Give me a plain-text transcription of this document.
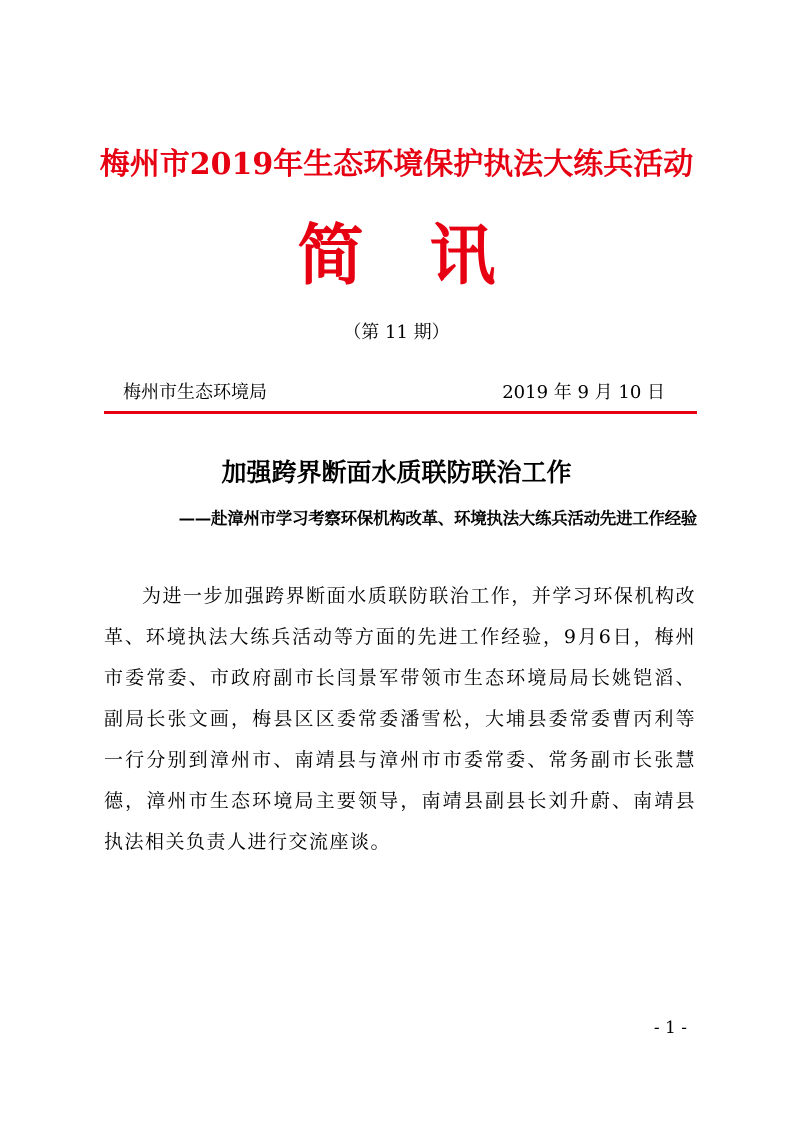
梅州市2019年生态环境保护执法大练兵活动
简讯
（第 11 期）
梅州市生态环境局	2019 年 9 月 10 日
加强跨界断面水质联防联治工作
——赴漳州市学习考察环保机构改革、环境执法大练兵活动先进工作经验
为进一步加强跨界断面水质联防联治工作，并学习环保机构改革、环境执法大练兵活动等方面的先进工作经验，9月6日，梅州市委常委、市政府副市长闫景军带领市生态环境局局长姚铠滔、副局长张文画，梅县区区委常委潘雪松，大埔县委常委曹丙利等一行分别到漳州市、南靖县与漳州市市委常委、常务副市长张慧德，漳州市生态环境局主要领导，南靖县副县长刘升蔚、南靖县执法相关负责人进行交流座谈。
- 1 -
